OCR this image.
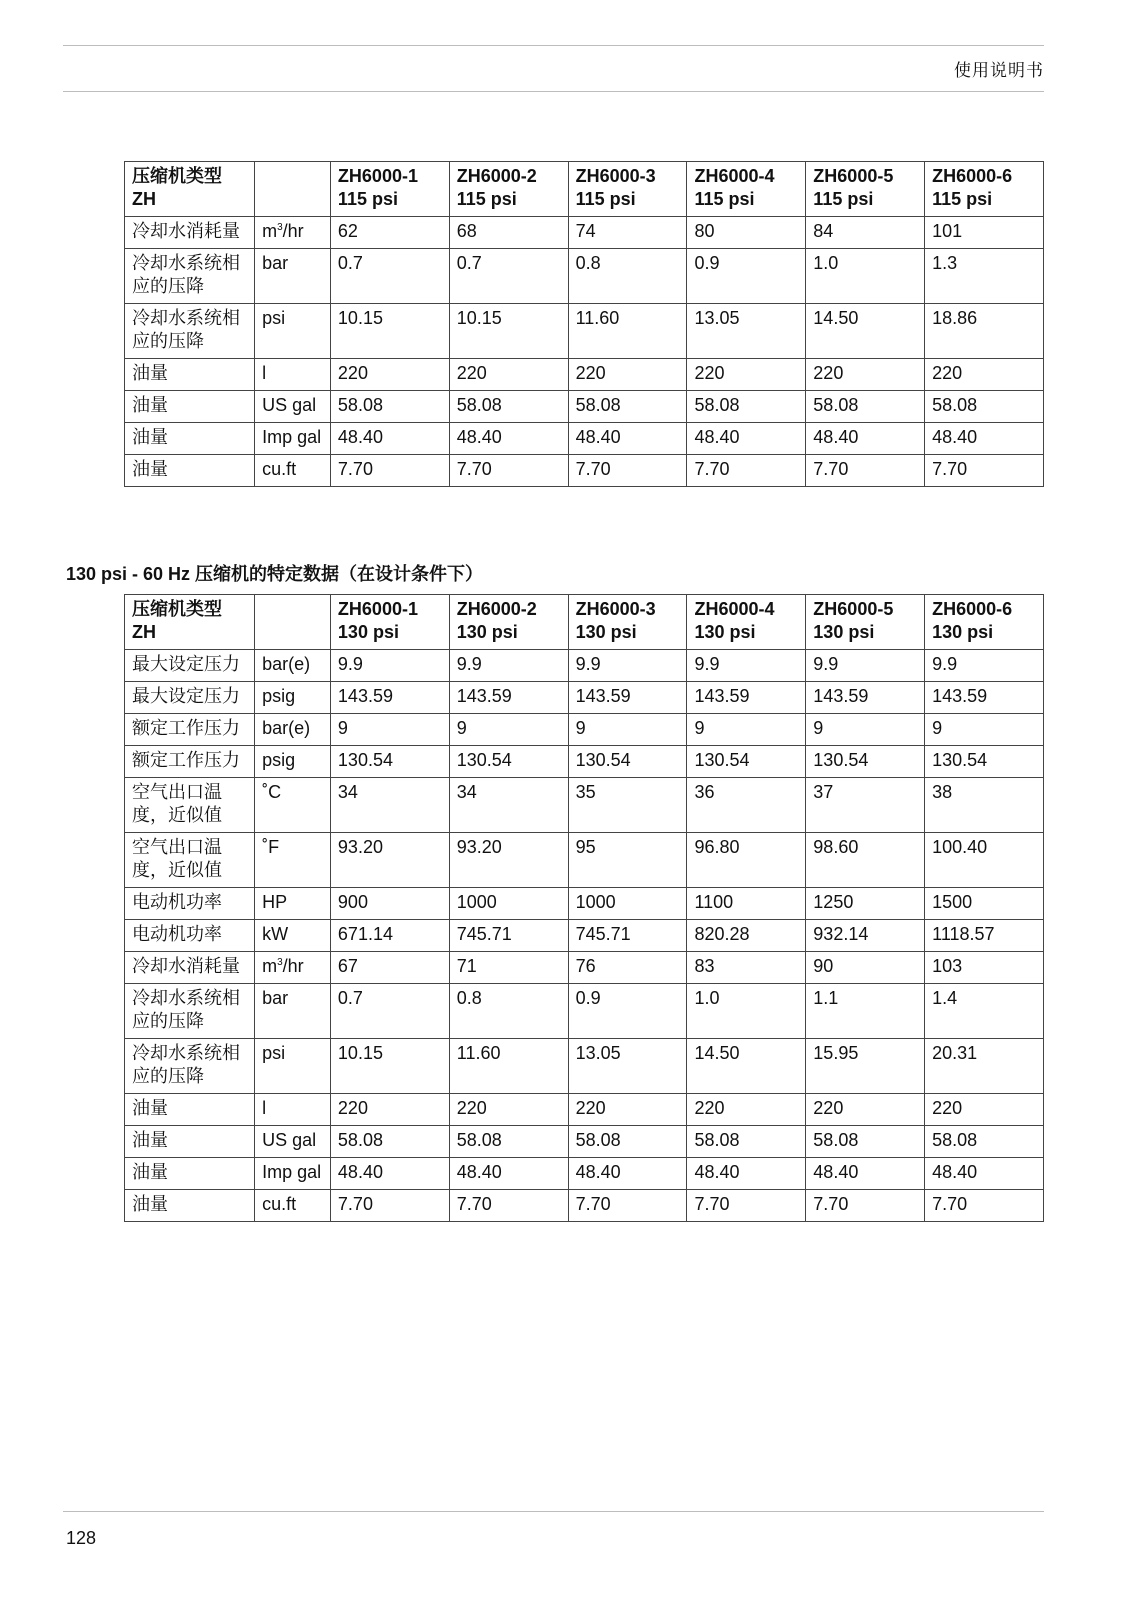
使用说明书
压缩机类型 ZH		ZH6000-1 115 psi	ZH6000-2 115 psi	ZH6000-3 115 psi	ZH6000-4 115 psi	ZH6000-5 115 psi	ZH6000-6 115 psi
冷却水消耗量	$m^3/hr$	62	68	74	80	84	101
冷却水系统相应的压降	bar	0.7	0.7	0.8	0.9	1.0	1.3
冷却水系统相应的压降	psi	10.15	10.15	11.60	13.05	14.50	18.86
油量	l	220	220	220	220	220	220
油量	US gal	58.08	58.08	58.08	58.08	58.08	58.08
油量	Imp gal	48.40	48.40	48.40	48.40	48.40	48.40
油量	cu.ft	7.70	7.70	7.70	7.70	7.70	7.70
130 psi - 60 Hz 压缩机的特定数据（在设计条件下）
压缩机类型 ZH		ZH6000-1 130 psi	ZH6000-2 130 psi	ZH6000-3 130 psi	ZH6000-4 130 psi	ZH6000-5 130 psi	ZH6000-6 130 psi
最大设定压力	bar(e)	9.9	9.9	9.9	9.9	9.9	9.9
最大设定压力	psig	143.59	143.59	143.59	143.59	143.59	143.59
额定工作压力	bar(e)	9	9	9	9	9	9
额定工作压力	psig	130.54	130.54	130.54	130.54	130.54	130.54
空气出口温度，近似值	˚C	34	34	35	36	37	38
空气出口温度，近似值	˚F	93.20	93.20	95	96.80	98.60	100.40
电动机功率	HP	900	1000	1000	1100	1250	1500
电动机功率	kW	671.14	745.71	745.71	820.28	932.14	1118.57
冷却水消耗量	$m^3/hr$	67	71	76	83	90	103
冷却水系统相应的压降	bar	0.7	0.8	0.9	1.0	1.1	1.4
冷却水系统相应的压降	psi	10.15	11.60	13.05	14.50	15.95	20.31
油量	l	220	220	220	220	220	220
油量	US gal	58.08	58.08	58.08	58.08	58.08	58.08
油量	Imp gal	48.40	48.40	48.40	48.40	48.40	48.40
油量	cu.ft	7.70	7.70	7.70	7.70	7.70	7.70
128
